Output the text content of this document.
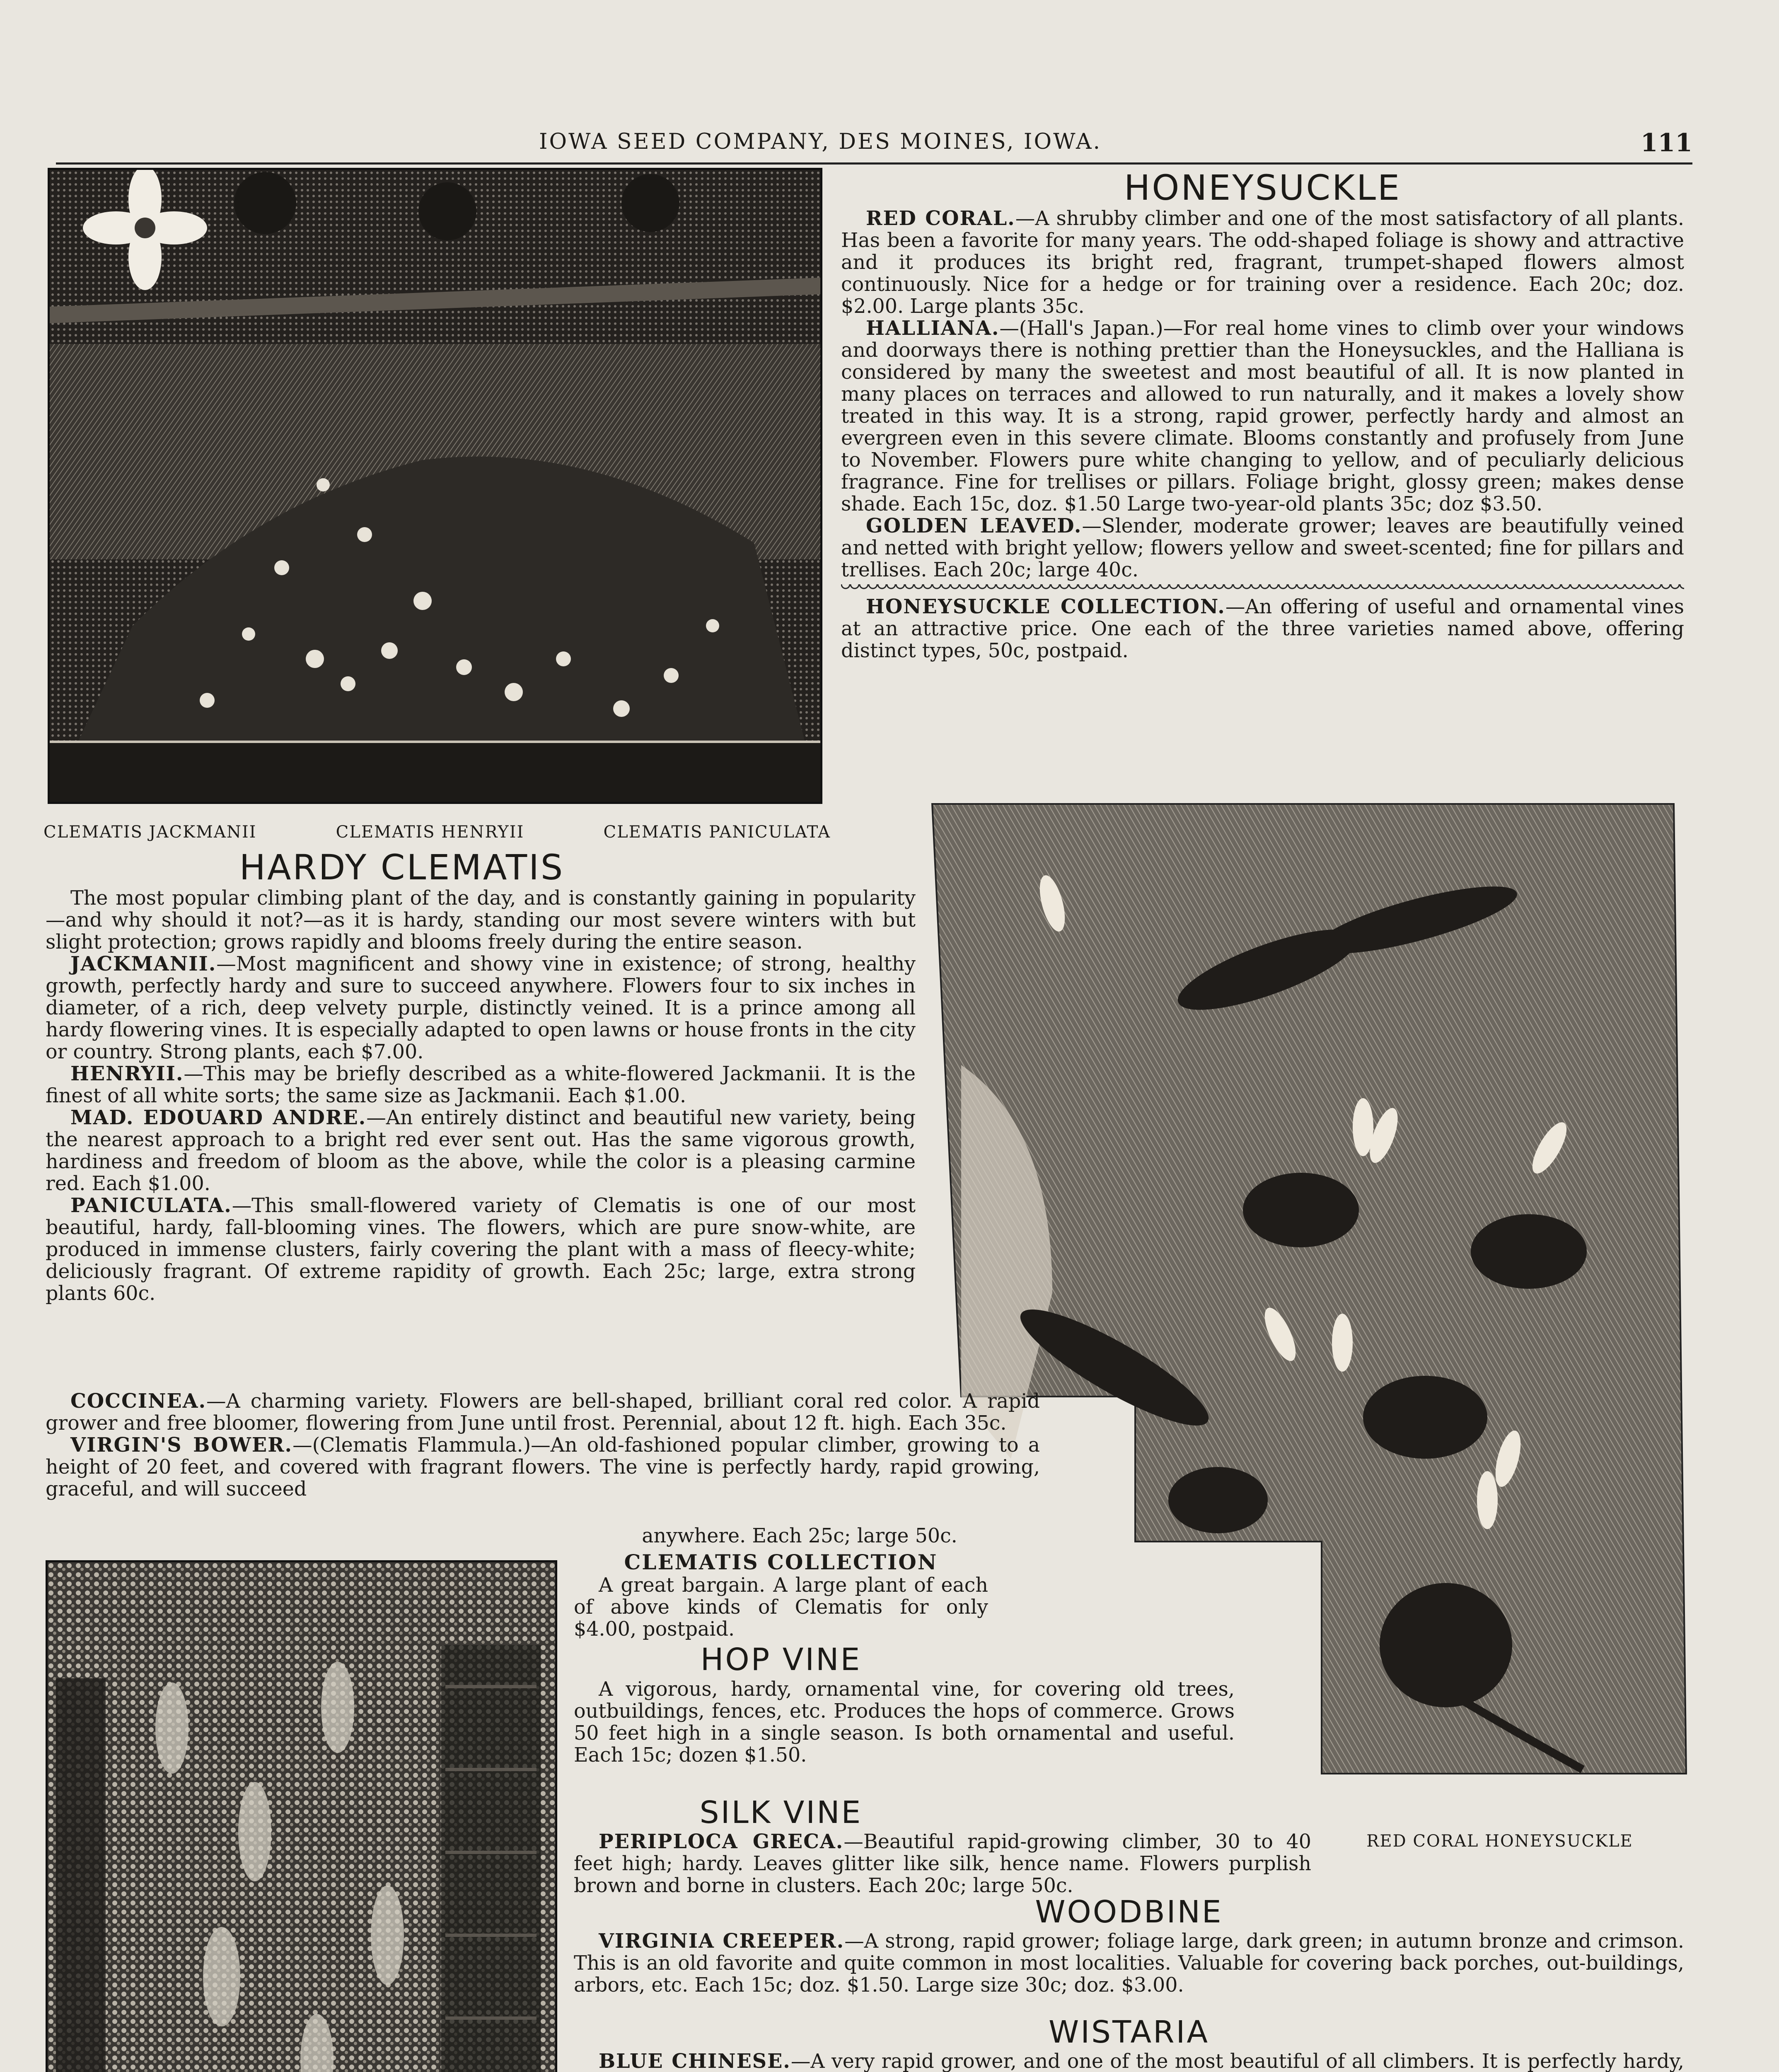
IOWA SEED COMPANY, DES MOINES, IOWA.	111
CLEMATIS JACKMANII	CLEMATIS HENRYII	CLEMATIS PANICULATA
HONEYSUCKLE

RED CORAL.—A shrubby climber and one of the most satisfactory of all plants. Has been a favorite for many years. The odd-shaped foliage is showy and attractive and it produces its bright red, fragrant, trumpet-shaped flowers almost continuously. Nice for a hedge or for training over a residence. Each 20c; doz. $2.00. Large plants 35c.

HALLIANA.—(Hall's Japan.)—For real home vines to climb over your windows and doorways there is nothing prettier than the Honeysuckles, and the Halliana is considered by many the sweetest and most beautiful of all. It is now planted in many places on terraces and allowed to run naturally, and it makes a lovely show treated in this way. It is a strong, rapid grower, perfectly hardy and almost an evergreen even in this severe climate. Blooms constantly and profusely from June to November. Flowers pure white changing to yellow, and of peculiarly delicious fragrance. Fine for trellises or pillars. Foliage bright, glossy green; makes dense shade. Each 15c, doz. $1.50 Large two-year-old plants 35c; doz $3.50.

GOLDEN LEAVED.—Slender, moderate grower; leaves are beautifully veined and netted with bright yellow; flowers yellow and sweet-scented; fine for pillars and trellises. Each 20c; large 40c.

HONEYSUCKLE COLLECTION.—An offering of useful and ornamental vines at an attractive price. One each of the three varieties named above, offering distinct types, 50c, postpaid.

RED CORAL HONEYSUCKLE
HARDY CLEMATIS

The most popular climbing plant of the day, and is constantly gaining in popularity—and why should it not?—as it is hardy, standing our most severe winters with but slight protection; grows rapidly and blooms freely during the entire season.

JACKMANII.—Most magnificent and showy vine in existence; of strong, healthy growth, perfectly hardy and sure to succeed anywhere. Flowers four to six inches in diameter, of a rich, deep velvety purple, distinctly veined. It is a prince among all hardy flowering vines. It is especially adapted to open lawns or house fronts in the city or country. Strong plants, each $7.00.

HENRYII.—This may be briefly described as a white-flowered Jackmanii. It is the finest of all white sorts; the same size as Jackmanii. Each $1.00.

MAD. EDOUARD ANDRE.—An entirely distinct and beautiful new variety, being the nearest approach to a bright red ever sent out. Has the same vigorous growth, hardiness and freedom of bloom as the above, while the color is a pleasing carmine red. Each $1.00.

PANICULATA.—This small-flowered variety of Clematis is one of our most beautiful, hardy, fall-blooming vines. The flowers, which are pure snow-white, are produced in immense clusters, fairly covering the plant with a mass of fleecy-white; deliciously fragrant. Of extreme rapidity of growth. Each 25c; large, extra strong plants 60c.

COCCINEA.—A charming variety. Flowers are bell-shaped, brilliant coral red color. A rapid grower and free bloomer, flowering from June until frost. Perennial, about 12 ft. high. Each 35c.

VIRGIN'S BOWER.—(Clematis Flammula.)—An old-fashioned popular climber, growing to a height of 20 feet, and covered with fragrant flowers. The vine is perfectly hardy, rapid growing, graceful, and will succeed

anywhere. Each 25c; large 50c.
CLEMATIS COLLECTION

A great bargain. A large plant of each of above kinds of Clematis for only $4.00, postpaid.

HOP VINE

A vigorous, hardy, ornamental vine, for covering old trees, outbuildings, fences, etc. Produces the hops of commerce. Grows 50 feet high in a single season. Is both ornamental and useful. Each 15c; dozen $1.50.

SILK VINE

PERIPLOCA GRECA.—Beautiful rapid-growing climber, 30 to 40 feet high; hardy. Leaves glitter like silk, hence name. Flowers purplish brown and borne in clusters. Each 20c; large 50c.

WOODBINE

VIRGINIA CREEPER.—A strong, rapid grower; foliage large, dark green; in autumn bronze and crimson. This is an old favorite and quite common in most localities. Valuable for covering back porches, out-buildings, arbors, etc. Each 15c; doz. $1.50. Large size 30c; doz. $3.00.

WISTARIA

BLUE CHINESE.—A very rapid grower, and one of the most beautiful of all climbers. It is perfectly hardy,
